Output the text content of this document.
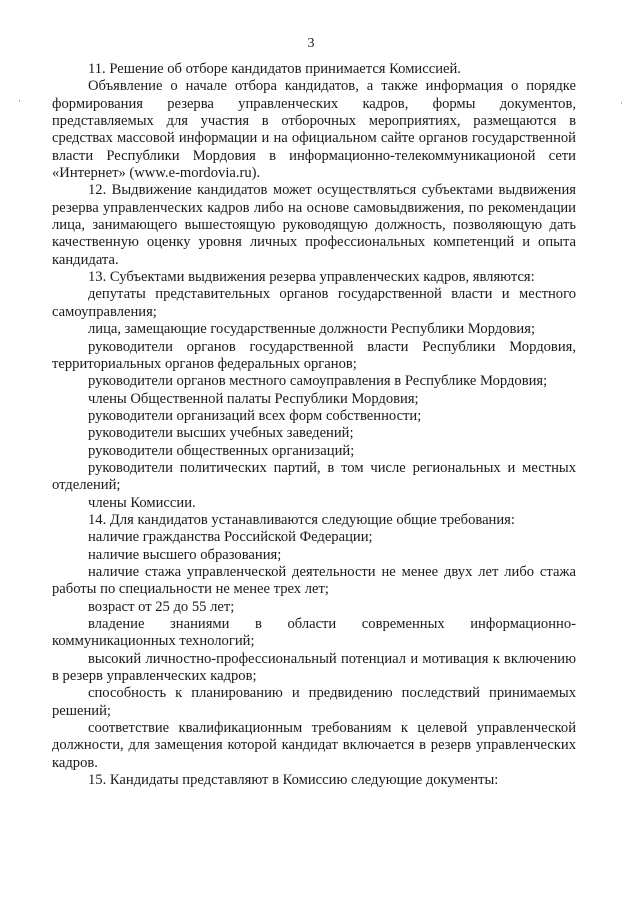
3
·	·

11. Решение об отборе кандидатов принимается Комиссией.

Объявление о начале отбора кандидатов, а также информация о порядке формирования резерва управленческих кадров, формы документов, представляемых для участия в отборочных мероприятиях, размещаются в средствах массовой информации и на официальном сайте органов государственной власти Республики Мордовия в информационно-телекоммуникационой сети «Интернет» (www.e-mordovia.ru).

12. Выдвижение кандидатов может осуществляться субъектами выдвижения резерва управленческих кадров либо на основе самовыдвижения, по рекомендации лица, занимающего вышестоящую руководящую должность, позволяющую дать качественную оценку уровня личных профессиональных компетенций и опыта кандидата.

13. Субъектами выдвижения резерва управленческих кадров, являются:

депутаты представительных органов государственной власти и местного самоуправления;

лица, замещающие государственные должности Республики Мордовия;

руководители органов государственной власти Республики Мордовия, территориальных органов федеральных органов;

руководители органов местного самоуправления в Республике Мордовия;

члены Общественной палаты Республики Мордовия;

руководители организаций всех форм собственности;

руководители высших учебных заведений;

руководители общественных организаций;

руководители политических партий, в том числе региональных и местных отделений;

члены Комиссии.

14. Для кандидатов устанавливаются следующие общие требования:

наличие гражданства Российской Федерации;

наличие высшего образования;

наличие стажа управленческой деятельности не менее двух лет либо стажа работы по специальности не менее трех лет;

возраст от 25 до 55 лет;

владение знаниями в области современных информационно-коммуникационных технологий;

высокий личностно-профессиональный потенциал и мотивация к включению в резерв управленческих кадров;

способность к планированию и предвидению последствий принимаемых решений;

соответствие квалификационным требованиям к целевой управленческой должности, для замещения которой кандидат включается в резерв управленческих кадров.

15. Кандидаты представляют в Комиссию следующие документы:
